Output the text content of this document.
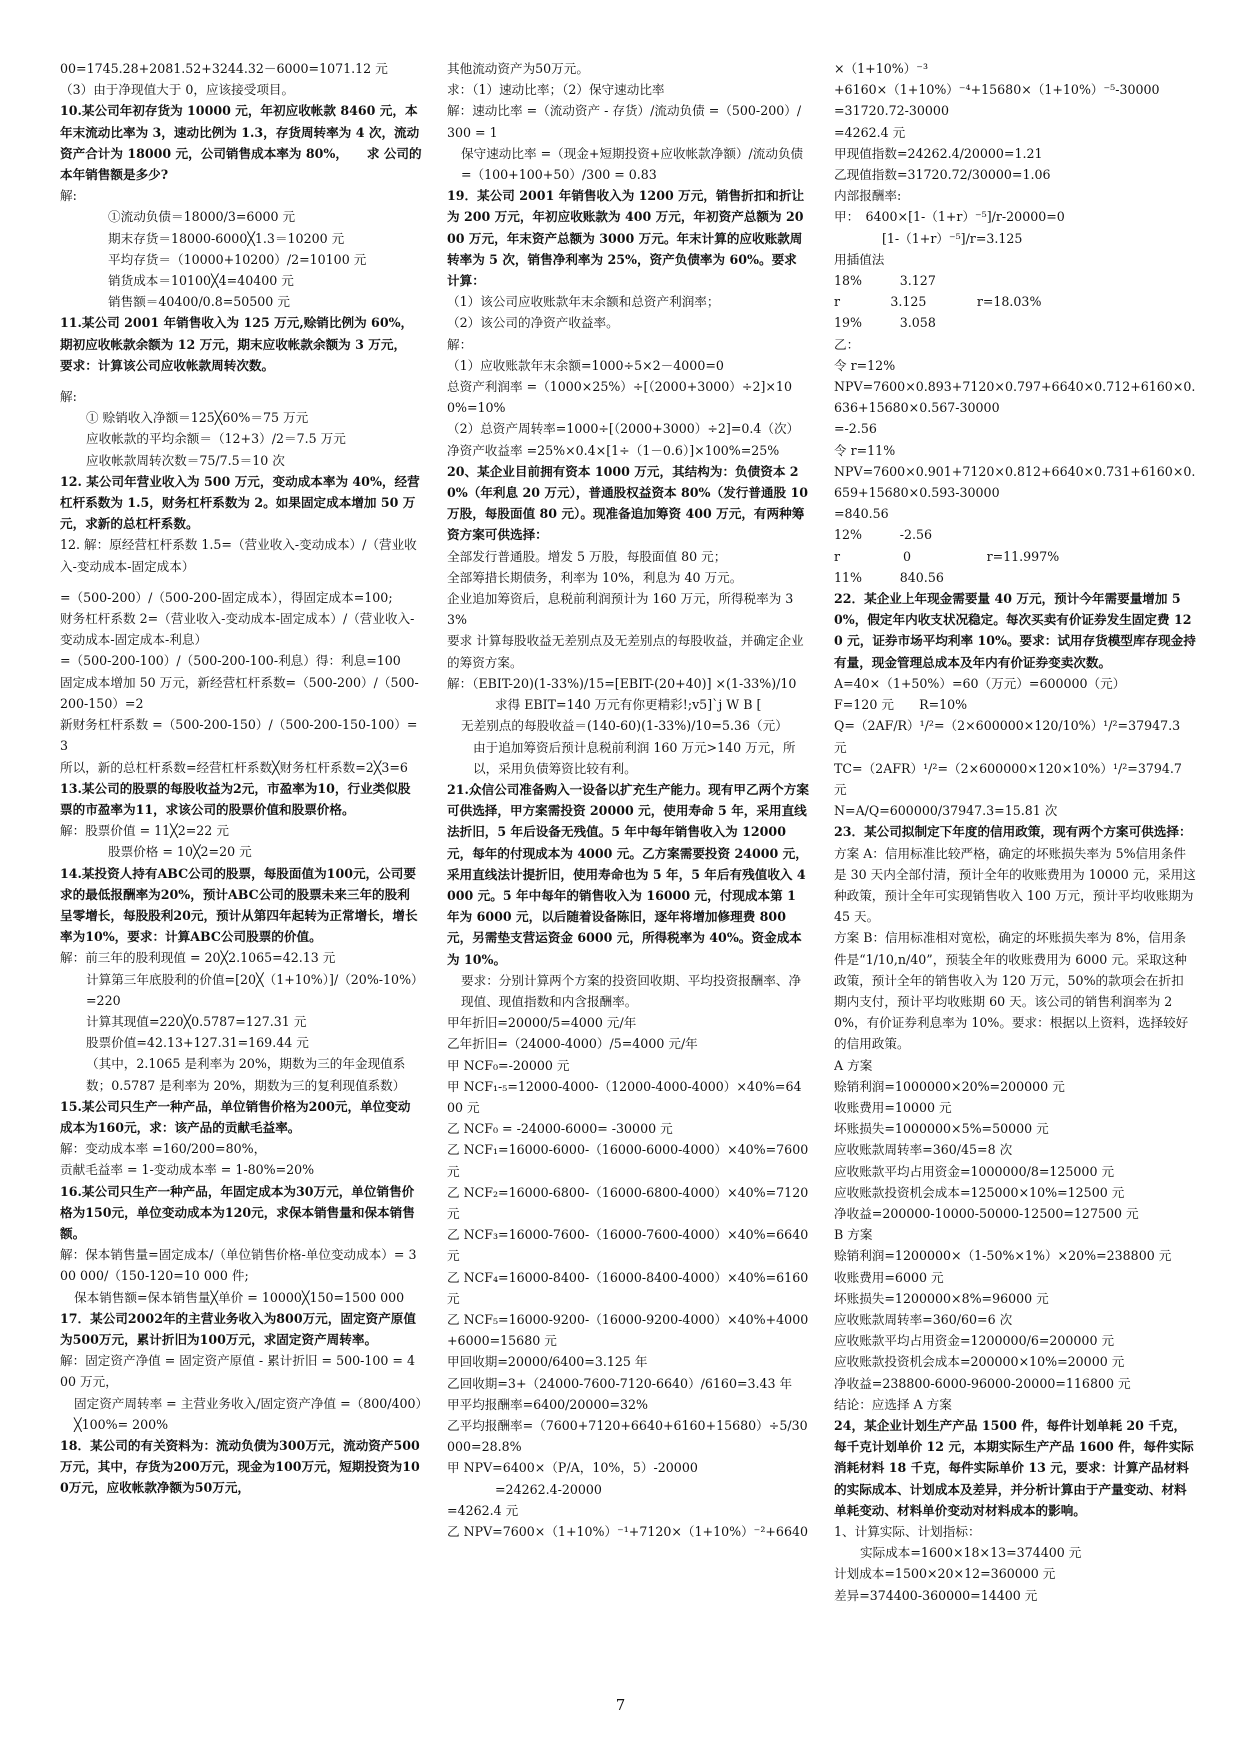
00=1745.28+2081.52+3244.32－6000=1071.12 元

（3）由于净现值大于 0，应该接受项目。

10.某公司年初存货为 10000 元，年初应收帐款 8460 元，本年末流动比率为 3，速动比例为 1.3，存货周转率为 4 次，流动资产合计为 18000 元，公司销售成本率为 80%，　　求 公司的本年销售额是多少?

解:

①流动负债＝18000/3=6000 元

期末存货＝18000-6000╳1.3＝10200 元

平均存货＝（10000+10200）/2=10100 元

销货成本＝10100╳4=40400 元

销售额＝40400/0.8=50500 元

11.某公司 2001 年销售收入为 125 万元,赊销比例为 60%，期初应收帐款余额为 12 万元，期末应收帐款余额为 3 万元，　要求：计算该公司应收帐款周转次数。

解:

① 赊销收入净额＝125╳60%＝75 万元

应收帐款的平均余额＝（12+3）/2＝7.5 万元

应收帐款周转次数＝75/7.5＝10 次

12. 某公司年营业收入为 500 万元，变动成本率为 40%，经营杠杆系数为 1.5，财务杠杆系数为 2。如果固定成本增加 50 万元，求新的总杠杆系数。

12. 解：原经营杠杆系数 1.5=（营业收入-变动成本）/（营业收入-变动成本-固定成本）

=（500-200）/（500-200-固定成本），得固定成本=100;

财务杠杆系数 2=（营业收入-变动成本-固定成本）/（营业收入-变动成本-固定成本-利息）

=（500-200-100）/（500-200-100-利息）得：利息=100

固定成本增加 50 万元，新经营杠杆系数=（500-200）/（500-200-150）=2

新财务杠杆系数 =（500-200-150）/（500-200-150-100）=3

所以，新的总杠杆系数=经营杠杆系数╳财务杠杆系数=2╳3=6

13.某公司的股票的每股收益为2元，市盈率为10，行业类似股票的市盈率为11，求该公司的股票价值和股票价格。

解：股票价值 = 11╳2=22 元

股票价格 = 10╳2=20 元

14.某投资人持有ABC公司的股票，每股面值为100元，公司要求的最低报酬率为20%，预计ABC公司的股票未来三年的股利呈零增长，每股股利20元，预计从第四年起转为正常增长，增长率为10%，要求：计算ABC公司股票的价值。

解：前三年的股利现值 = 20╳2.1065=42.13 元

计算第三年底股利的价值=[20╳（1+10%）]/（20%-10%）=220

计算其现值=220╳0.5787=127.31 元

股票价值=42.13+127.31=169.44 元

（其中，2.1065 是利率为 20%，期数为三的年金现值系数；0.5787 是利率为 20%，期数为三的复利现值系数）

15.某公司只生产一种产品，单位销售价格为200元，单位变动成本为160元，求：该产品的贡献毛益率。

解：变动成本率 =160/200=80%，

贡献毛益率 = 1-变动成本率 = 1-80%=20%

16.某公司只生产一种产品，年固定成本为30万元，单位销售价格为150元，单位变动成本为120元，求保本销售量和保本销售额。

解：保本销售量=固定成本/（单位销售价格-单位变动成本）= 300 000/（150-120=10 000 件;

保本销售额=保本销售量╳单价 = 10000╳150=1500 000

17．某公司2002年的主营业务收入为800万元，固定资产原值为500万元，累计折旧为100万元，求固定资产周转率。

解：固定资产净值 = 固定资产原值 - 累计折旧 = 500-100 = 400 万元，

固定资产周转率 = 主营业务收入/固定资产净值 =（800/400）╳100%= 200%

18．某公司的有关资料为：流动负债为300万元，流动资产500万元，其中，存货为200万元，现金为100万元，短期投资为100万元，应收帐款净额为50万元，

其他流动资产为50万元。

求：（1）速动比率；（2）保守速动比率

解：速动比率 =（流动资产 - 存货）/流动负债 =（500-200）/300 = 1

保守速动比率 =（现金+短期投资+应收帐款净额）/流动负债 =（100+100+50）/300 = 0.83

19．某公司 2001 年销售收入为 1200 万元，销售折扣和折让为 200 万元，年初应收账款为 400 万元，年初资产总额为 2000 万元，年末资产总额为 3000 万元。年末计算的应收账款周转率为 5 次，销售净利率为 25%，资产负债率为 60%。要求计算：

（1）该公司应收账款年末余额和总资产利润率；

（2）该公司的净资产收益率。

解：

（1）应收账款年末余额=1000÷5×2－4000=0

总资产利润率 =（1000×25%）÷[（2000+3000）÷2]×100%=10%

（2）总资产周转率=1000÷[（2000+3000）÷2]=0.4（次）

净资产收益率 =25%×0.4×[1÷（1－0.6）]×100%=25%

20、某企业目前拥有资本 1000 万元，其结构为：负债资本 20%（年利息 20 万元），普通股权益资本 80%（发行普通股 10 万股，每股面值 80 元）。现准备追加筹资 400 万元，有两种筹资方案可供选择：

全部发行普通股。增发 5 万股，每股面值 80 元；

全部筹措长期债务，利率为 10%，利息为 40 万元。

企业追加筹资后，息税前利润预计为 160 万元，所得税率为 33%

要求 计算每股收益无差别点及无差别点的每股收益，并确定企业的筹资方案。

解：（EBIT-20)(1-33%)/15=[EBIT-(20+40)] ×(1-33%)/10

求得 EBIT=140 万元有你更精彩!;v5]`j W B [

无差别点的每股收益＝(140-60)(1-33%)/10=5.36（元）

由于追加筹资后预计息税前利润 160 万元>140 万元，所以，采用负债筹资比较有利。

21.众信公司准备购入一设备以扩充生产能力。现有甲乙两个方案可供选择，甲方案需投资 20000 元，使用寿命 5 年，采用直线法折旧，5 年后设备无残值。5 年中每年销售收入为 12000 元，每年的付现成本为 4000 元。乙方案需要投资 24000 元，采用直线法计提折旧，使用寿命也为 5 年，5 年后有残值收入 4000 元。5 年中每年的销售收入为 16000 元，付现成本第 1 年为 6000 元，以后随着设备陈旧，逐年将增加修理费 800 元，另需垫支营运资金 6000 元，所得税率为 40%。资金成本为 10%。

要求：分别计算两个方案的投资回收期、平均投资报酬率、净现值、现值指数和内含报酬率。

甲年折旧=20000/5=4000 元/年

乙年折旧=（24000-4000）/5=4000 元/年

甲 NCF₀=-20000 元

甲 NCF₁-₅=12000-4000-（12000-4000-4000）×40%=6400 元

乙 NCF₀ = -24000-6000= -30000 元

乙 NCF₁=16000-6000-（16000-6000-4000）×40%=7600 元

乙 NCF₂=16000-6800-（16000-6800-4000）×40%=7120 元

乙 NCF₃=16000-7600-（16000-7600-4000）×40%=6640 元

乙 NCF₄=16000-8400-（16000-8400-4000）×40%=6160 元

乙 NCF₅=16000-9200-（16000-9200-4000）×40%+4000+6000=15680 元

甲回收期=20000/6400=3.125 年

乙回收期=3+（24000-7600-7120-6640）/6160=3.43 年

甲平均报酬率=6400/20000=32%

乙平均报酬率=（7600+7120+6640+6160+15680）÷5/30000=28.8%

甲 NPV=6400×（P/A，10%，5）-20000

=24262.4-20000

=4262.4 元

乙 NPV=7600×（1+10%）⁻¹+7120×（1+10%）⁻²+6640

×（1+10%）⁻³

+6160×（1+10%）⁻⁴+15680×（1+10%）⁻⁵-30000

=31720.72-30000

=4262.4 元

甲现值指数=24262.4/20000=1.21

乙现值指数=31720.72/30000=1.06

内部报酬率:

甲：　6400×[1-（1+r）⁻⁵]/r-20000=0

[1-（1+r）⁻⁵]/r=3.125

用插值法

18%　　　3.127

r　　　　3.125　　　　r=18.03%

19%　　　3.058

乙：

令 r=12%

NPV=7600×0.893+7120×0.797+6640×0.712+6160×0.636+15680×0.567-30000

=-2.56

令 r=11%

NPV=7600×0.901+7120×0.812+6640×0.731+6160×0.659+15680×0.593-30000

=840.56

12%　　　-2.56

r　　　　　0　　　　　　r=11.997%

11%　　　840.56

22．某企业上年现金需要量 40 万元，预计今年需要量增加 50%，假定年内收支状况稳定。每次买卖有价证券发生固定费 120 元，证券市场平均利率 10%。要求：试用存货模型库存现金持有量，现金管理总成本及年内有价证券变卖次数。

A=40×（1+50%）=60（万元）=600000（元）

F=120 元　　R=10%

Q=（2AF/R）¹/²=（2×600000×120/10%）¹/²=37947.3 元

TC=（2AFR）¹/²=（2×600000×120×10%）¹/²=3794.7 元

N=A/Q=600000/37947.3=15.81 次

23．某公司拟制定下年度的信用政策，现有两个方案可供选择：

方案 A：信用标准比较严格，确定的坏账损失率为 5%信用条件是 30 天内全部付清，预计全年的收账费用为 10000 元，采用这种政策，预计全年可实现销售收入 100 万元，预计平均收账期为 45 天。

方案 B：信用标准相对宽松，确定的坏账损失率为 8%，信用条件是“1/10,n/40”，预装全年的收账费用为 6000 元。采取这种政策，预计全年的销售收入为 120 万元，50%的款项会在折扣期内支付，预计平均收账期 60 天。该公司的销售利润率为 20%，有价证券利息率为 10%。要求：根据以上资料，选择较好的信用政策。

A 方案

赊销利润=1000000×20%=200000 元

收账费用=10000 元

坏账损失=1000000×5%=50000 元

应收账款周转率=360/45=8 次

应收账款平均占用资金=1000000/8=125000 元

应收账款投资机会成本=125000×10%=12500 元

净收益=200000-10000-50000-12500=127500 元

B 方案

赊销利润=1200000×（1-50%×1%）×20%=238800 元

收账费用=6000 元

坏账损失=1200000×8%=96000 元

应收账款周转率=360/60=6 次

应收账款平均占用资金=1200000/6=200000 元

应收账款投资机会成本=200000×10%=20000 元

净收益=238800-6000-96000-20000=116800 元

结论：应选择 A 方案

24，某企业计划生产产品 1500 件，每件计划单耗 20 千克，每千克计划单价 12 元，本期实际生产产品 1600 件，每件实际消耗材料 18 千克，每件实际单价 13 元，要求：计算产品材料的实际成本、计划成本及差异，并分析计算由于产量变动、材料单耗变动、材料单价变动对材料成本的影响。

1、计算实际、计划指标：

实际成本=1600×18×13=374400 元

计划成本=1500×20×12=360000 元

差异=374400-360000=14400 元

7
